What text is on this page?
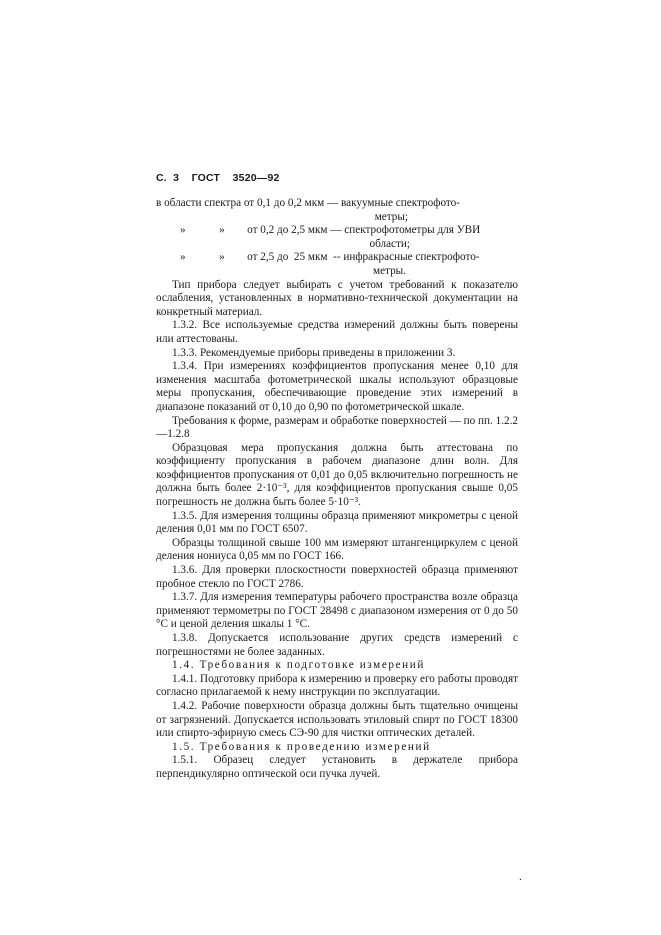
С.  3    ГОСТ    3520—92

в области спектра от 0,1 до 0,2 мкм — вакуумные спектрофото-

метры;

»            »        от 0,2 до 2,5 мкм — спектрофотометры для УВИ

области;

»            »        от 2,5 до  25 мкм  -- инфракрасные спектрофото-

метры.

Тип прибора следует выбирать с учетом требований к показателю ослабления, установленных в нормативно-технической документации на конкретный материал.

1.3.2. Все используемые средства измерений должны быть поверены или аттестованы.

1.3.3. Рекомендуемые приборы приведены в приложении 3.

1.3.4. При измерениях коэффициентов пропускания менее 0,10 для изменения масштаба фотометрической шкалы используют образцовые меры пропускания, обеспечивающие проведение этих измерений в диапазоне показаний от 0,10 до 0,90 по фотометрической шкале.

Требования к форме, размерам и обработке поверхностей — по пп. 1.2.2—1.2.8

Образцовая мера пропускания должна быть аттестована по коэффициенту пропускания в рабочем диапазоне длин волн. Для коэффициентов пропускания от 0,01 до 0,05 включительно погрешность не должна быть более 2·10⁻³, для коэффициентов пропускания свыше 0,05 погрешность не должна быть более 5·10⁻³.

1.3.5. Для измерения толщины образца применяют микрометры с ценой деления 0,01 мм по ГОСТ 6507.

Образцы толщиной свыше 100 мм измеряют штангенциркулем с ценой деления нониуса 0,05 мм по ГОСТ 166.

1.3.6. Для проверки плоскостности поверхностей образца применяют пробное стекло по ГОСТ 2786.

1.3.7. Для измерения температуры рабочего пространства возле образца применяют термометры по ГОСТ 28498 с диапазоном измерения от 0 до 50 °С и ценой деления шкалы 1 °С.

1.3.8. Допускается использование других средств измерений с погрешностями не более заданных.

1.4. Требования к подготовке измерений

1.4.1. Подготовку прибора к измерению и проверку его работы проводят согласно прилагаемой к нему инструкции по эксплуатации.

1.4.2. Рабочие поверхности образца должны быть тщательно очищены от загрязнений. Допускается использовать этиловый спирт по ГОСТ 18300 или спирто-эфирную смесь СЭ-90 для чистки оптических деталей.

1.5. Требования к проведению измерений

1.5.1. Образец следует установить в держателе прибора перпендикулярно оптической оси пучка лучей.

.
